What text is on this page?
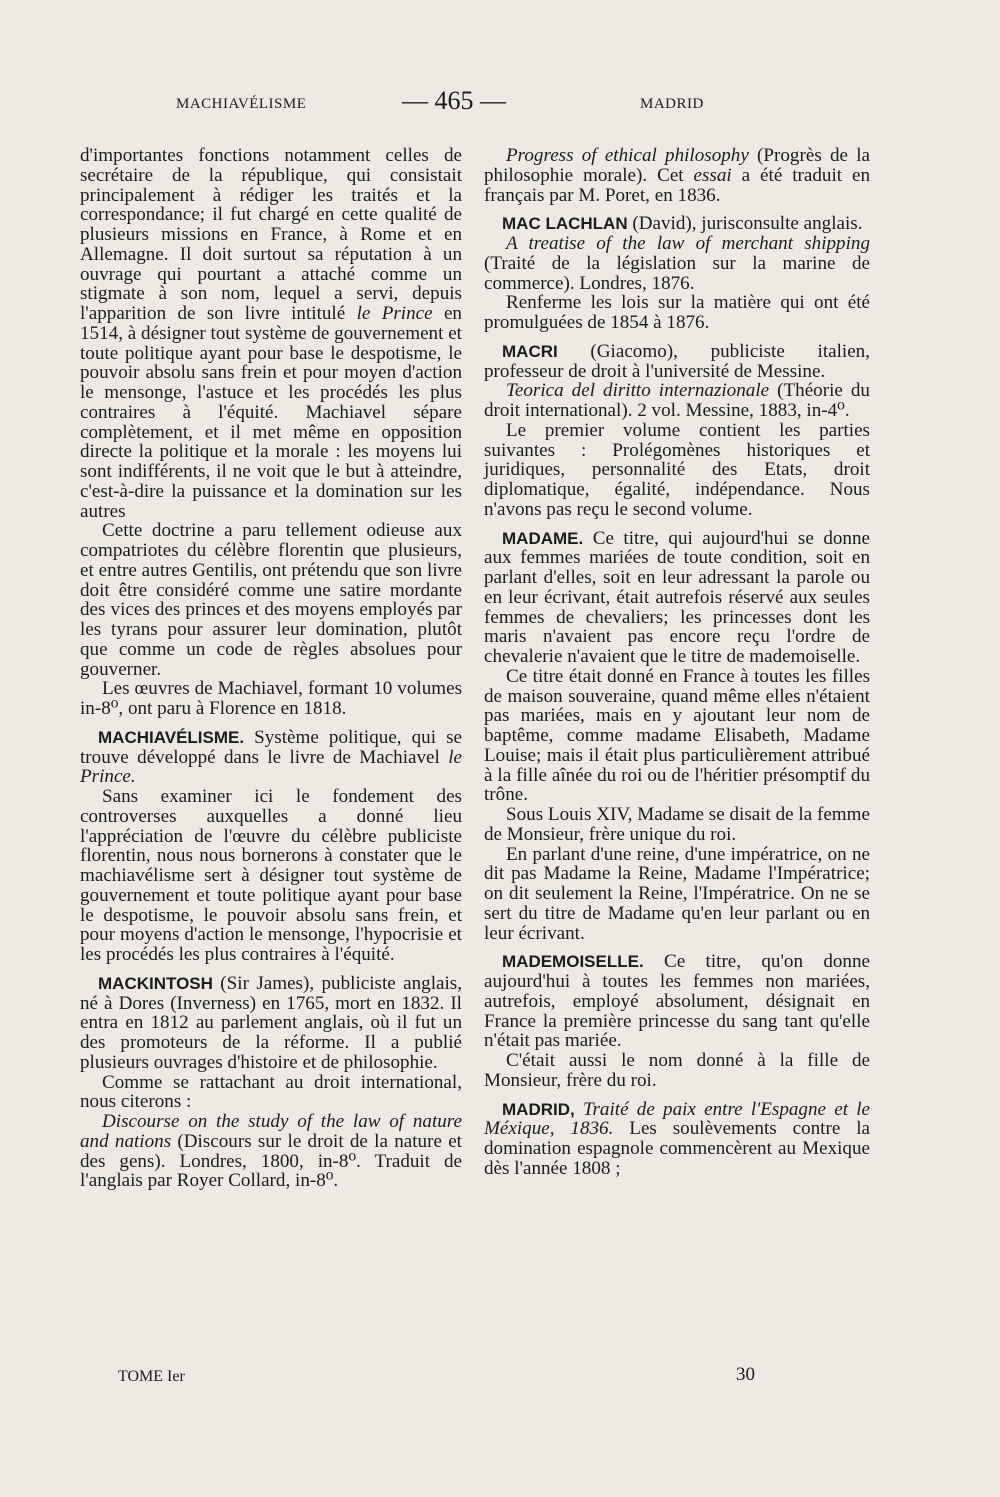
MACHIAVÉLISME	— 465 —	MADRID

d'importantes fonctions notamment celles de secrétaire de la république, qui consistait principalement à rédiger les traités et la correspondance; il fut chargé en cette qualité de plusieurs missions en France, à Rome et en Allemagne. Il doit surtout sa réputation à un ouvrage qui pourtant a attaché comme un stigmate à son nom, lequel a servi, depuis l'apparition de son livre intitulé le Prince en 1514, à désigner tout système de gouvernement et toute politique ayant pour base le despotisme, le pouvoir absolu sans frein et pour moyen d'action le mensonge, l'astuce et les procédés les plus contraires à l'équité. Machiavel sépare complètement, et il met même en opposition directe la politique et la morale : les moyens lui sont indifférents, il ne voit que le but à atteindre, c'est-à-dire la puissance et la domination sur les autres

Cette doctrine a paru tellement odieuse aux compatriotes du célèbre florentin que plusieurs, et entre autres Gentilis, ont prétendu que son livre doit être considéré comme une satire mordante des vices des princes et des moyens employés par les tyrans pour assurer leur domination, plutôt que comme un code de règles absolues pour gouverner.

Les œuvres de Machiavel, formant 10 volumes in-8⁰, ont paru à Florence en 1818.

MACHIAVÉLISME. Système politique, qui se trouve développé dans le livre de Machiavel le Prince.

Sans examiner ici le fondement des controverses auxquelles a donné lieu l'appréciation de l'œuvre du célèbre publiciste florentin, nous nous bornerons à constater que le machiavélisme sert à désigner tout système de gouvernement et toute politique ayant pour base le despotisme, le pouvoir absolu sans frein, et pour moyens d'action le mensonge, l'hypocrisie et les procédés les plus contraires à l'équité.

MACKINTOSH (Sir James), publiciste anglais, né à Dores (Inverness) en 1765, mort en 1832. Il entra en 1812 au parlement anglais, où il fut un des promoteurs de la réforme. Il a publié plusieurs ouvrages d'histoire et de philosophie.

Comme se rattachant au droit international, nous citerons :

Discourse on the study of the law of nature and nations (Discours sur le droit de la nature et des gens). Londres, 1800, in-8⁰. Traduit de l'anglais par Royer Collard, in-8⁰.

Progress of ethical philosophy (Progrès de la philosophie morale). Cet essai a été traduit en français par M. Poret, en 1836.

MAC LACHLAN (David), jurisconsulte anglais.

A treatise of the law of merchant shipping (Traité de la législation sur la marine de commerce). Londres, 1876.

Renferme les lois sur la matière qui ont été promulguées de 1854 à 1876.

MACRI (Giacomo), publiciste italien, professeur de droit à l'université de Messine.

Teorica del diritto internazionale (Théorie du droit international). 2 vol. Messine, 1883, in-4⁰.

Le premier volume contient les parties suivantes : Prolégomènes historiques et juridiques, personnalité des Etats, droit diplomatique, égalité, indépendance. Nous n'avons pas reçu le second volume.

MADAME. Ce titre, qui aujourd'hui se donne aux femmes mariées de toute condition, soit en parlant d'elles, soit en leur adressant la parole ou en leur écrivant, était autrefois réservé aux seules femmes de chevaliers; les princesses dont les maris n'avaient pas encore reçu l'ordre de chevalerie n'avaient que le titre de mademoiselle.

Ce titre était donné en France à toutes les filles de maison souveraine, quand même elles n'étaient pas mariées, mais en y ajoutant leur nom de baptême, comme madame Elisabeth, Madame Louise; mais il était plus particulièrement attribué à la fille aînée du roi ou de l'héritier présomptif du trône.

Sous Louis XIV, Madame se disait de la femme de Monsieur, frère unique du roi.

En parlant d'une reine, d'une impératrice, on ne dit pas Madame la Reine, Madame l'Impératrice; on dit seulement la Reine, l'Impératrice. On ne se sert du titre de Madame qu'en leur parlant ou en leur écrivant.

MADEMOISELLE. Ce titre, qu'on donne aujourd'hui à toutes les femmes non mariées, autrefois, employé absolument, désignait en France la première princesse du sang tant qu'elle n'était pas mariée.

C'était aussi le nom donné à la fille de Monsieur, frère du roi.

MADRID, Traité de paix entre l'Espagne et le Méxique, 1836. Les soulèvements contre la domination espagnole commencèrent au Mexique dès l'année 1808 ;

TOME Ier	30
